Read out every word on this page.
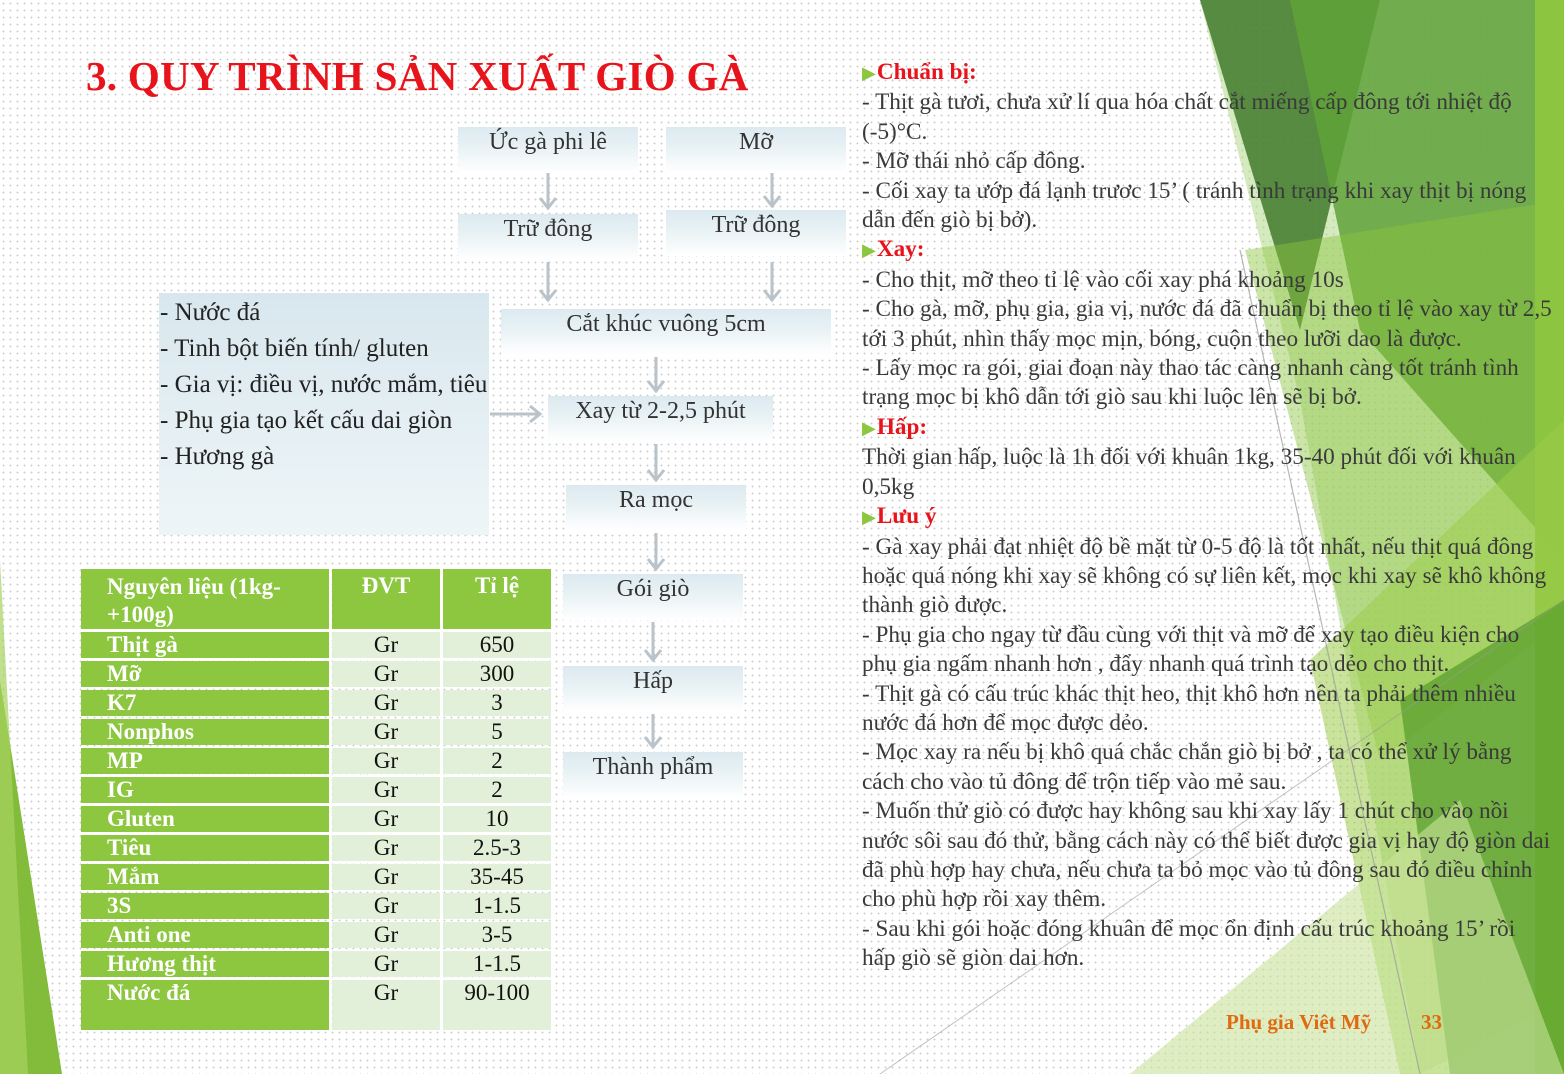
3. QUY TRÌNH SẢN XUẤT GIÒ GÀ
Ức gà phi lê	Mỡ
Trữ đông	Trữ đông
Cắt khúc vuông 5cm
Xay từ 2-2,5 phút
Ra mọc
Gói giò
Hấp
Thành phẩm
- Nước đá
- Tinh bột biến tính/ gluten
- Gia vị: điều vị, nước mắm, tiêu
- Phụ gia tạo kết cấu dai giòn
- Hương gà
Nguyên liệu (1kg-+100g)	ĐVT	Tỉ lệ
Thịt gà	Gr	650
Mỡ	Gr	300
K7	Gr	3
Nonphos	Gr	5
MP	Gr	2
IG	Gr	2
Gluten	Gr	10
Tiêu	Gr	2.5-3
Mắm	Gr	35-45
3S	Gr	1-1.5
Anti one	Gr	3-5
Hương thịt	Gr	1-1.5
Nước đá	Gr	90-100
▶Chuẩn bị:
- Thịt gà tươi, chưa xử lí qua hóa chất cắt miếng cấp đông tới nhiệt độ (-5)°C.
- Mỡ thái nhỏ cấp đông.
- Cối xay ta ướp đá lạnh trươc 15’ ( tránh tình trạng khi xay thịt bị nóng dẫn đến giò bị bở).
▶Xay:
- Cho thịt, mỡ theo tỉ lệ vào cối xay phá khoảng 10s
- Cho gà, mỡ, phụ gia, gia vị, nước đá đã chuẩn bị theo tỉ lệ vào xay từ 2,5 tới 3 phút, nhìn thấy mọc mịn, bóng, cuộn theo lưỡi dao là được.
- Lấy mọc ra gói, giai đoạn này thao tác càng nhanh càng tốt tránh tình trạng mọc bị khô dẫn tới giò sau khi luộc lên sẽ bị bở.
▶Hấp:
Thời gian hấp, luộc là 1h đối với khuân 1kg, 35-40 phút đối với khuân 0,5kg
▶Lưu ý
- Gà xay phải đạt nhiệt độ bề mặt từ 0-5 độ là tốt nhất, nếu thịt quá đông hoặc quá nóng khi xay sẽ không có sự liên kết, mọc khi xay sẽ khô không thành giò được.
- Phụ gia cho ngay từ đầu cùng với thịt và mỡ để xay tạo điều kiện cho phụ gia ngấm nhanh hơn , đẩy nhanh quá trình tạo dẻo cho thịt.
- Thịt gà có cấu trúc khác thịt heo, thịt khô hơn nên ta phải thêm nhiều nước đá hơn để mọc được dẻo.
- Mọc xay ra nếu bị khô quá chắc chắn giò bị bở , ta có thể xử lý bằng cách cho vào tủ đông để trộn tiếp vào mẻ sau.
- Muốn thử giò có được hay không sau khi xay lấy 1 chút cho vào nồi nước sôi sau đó thử, bằng cách này có thể biết được gia vị hay độ giòn dai đã phù hợp hay chưa, nếu chưa ta bỏ mọc vào tủ đông sau đó điều chỉnh cho phù hợp rồi xay thêm.
- Sau khi gói hoặc đóng khuân để mọc ổn định cấu trúc khoảng 15’ rồi hấp giò sẽ giòn dai hơn.
Phụ gia Việt Mỹ 33
